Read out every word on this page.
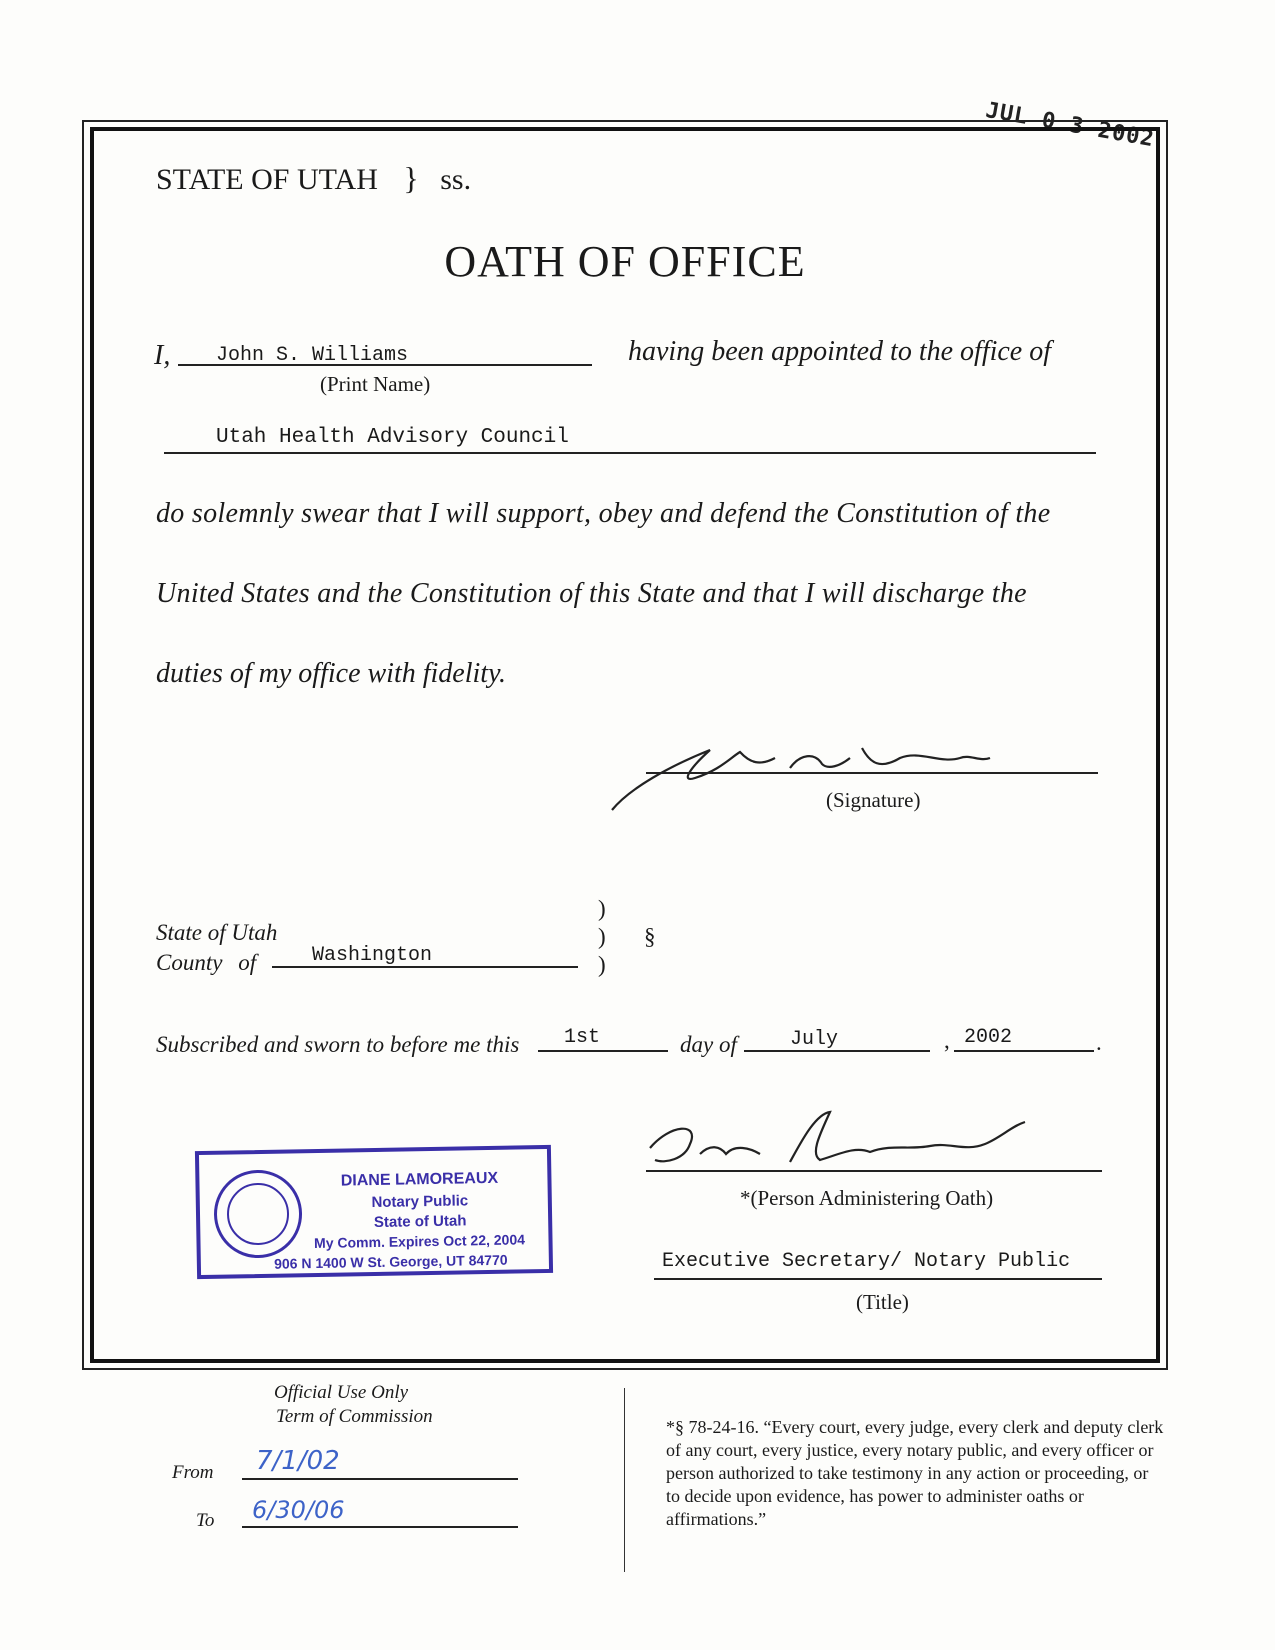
JUL 0 3 2002
STATE OF UTAH } ss.
OATH OF OFFICE
I, John S. Williams
(Print Name)
having been appointed to the office of
Utah Health Advisory Council
do solemnly swear that I will support, obey and defend the Constitution of the
United States and the Constitution of this State and that I will discharge the
duties of my office with fidelity.
(Signature)
State of Utah
County of	Washington
)
)
)
§
Subscribed and sworn to before me this 1st	day of	July	, 2002	.
DIANE LAMOREAUX
Notary Public
State of Utah
My Comm. Expires Oct 22, 2004
906 N 1400 W St. George, UT 84770
*(Person Administering Oath)
Executive Secretary/ Notary Public
(Title)
Official Use Only
Term of Commission
From 7/1/02
To 6/30/06
*§ 78-24-16. “Every court, every judge, every clerk and deputy clerk of any court, every justice, every notary public, and every officer or person authorized to take testimony in any action or proceeding, or to decide upon evidence, has power to administer oaths or affirmations.”
